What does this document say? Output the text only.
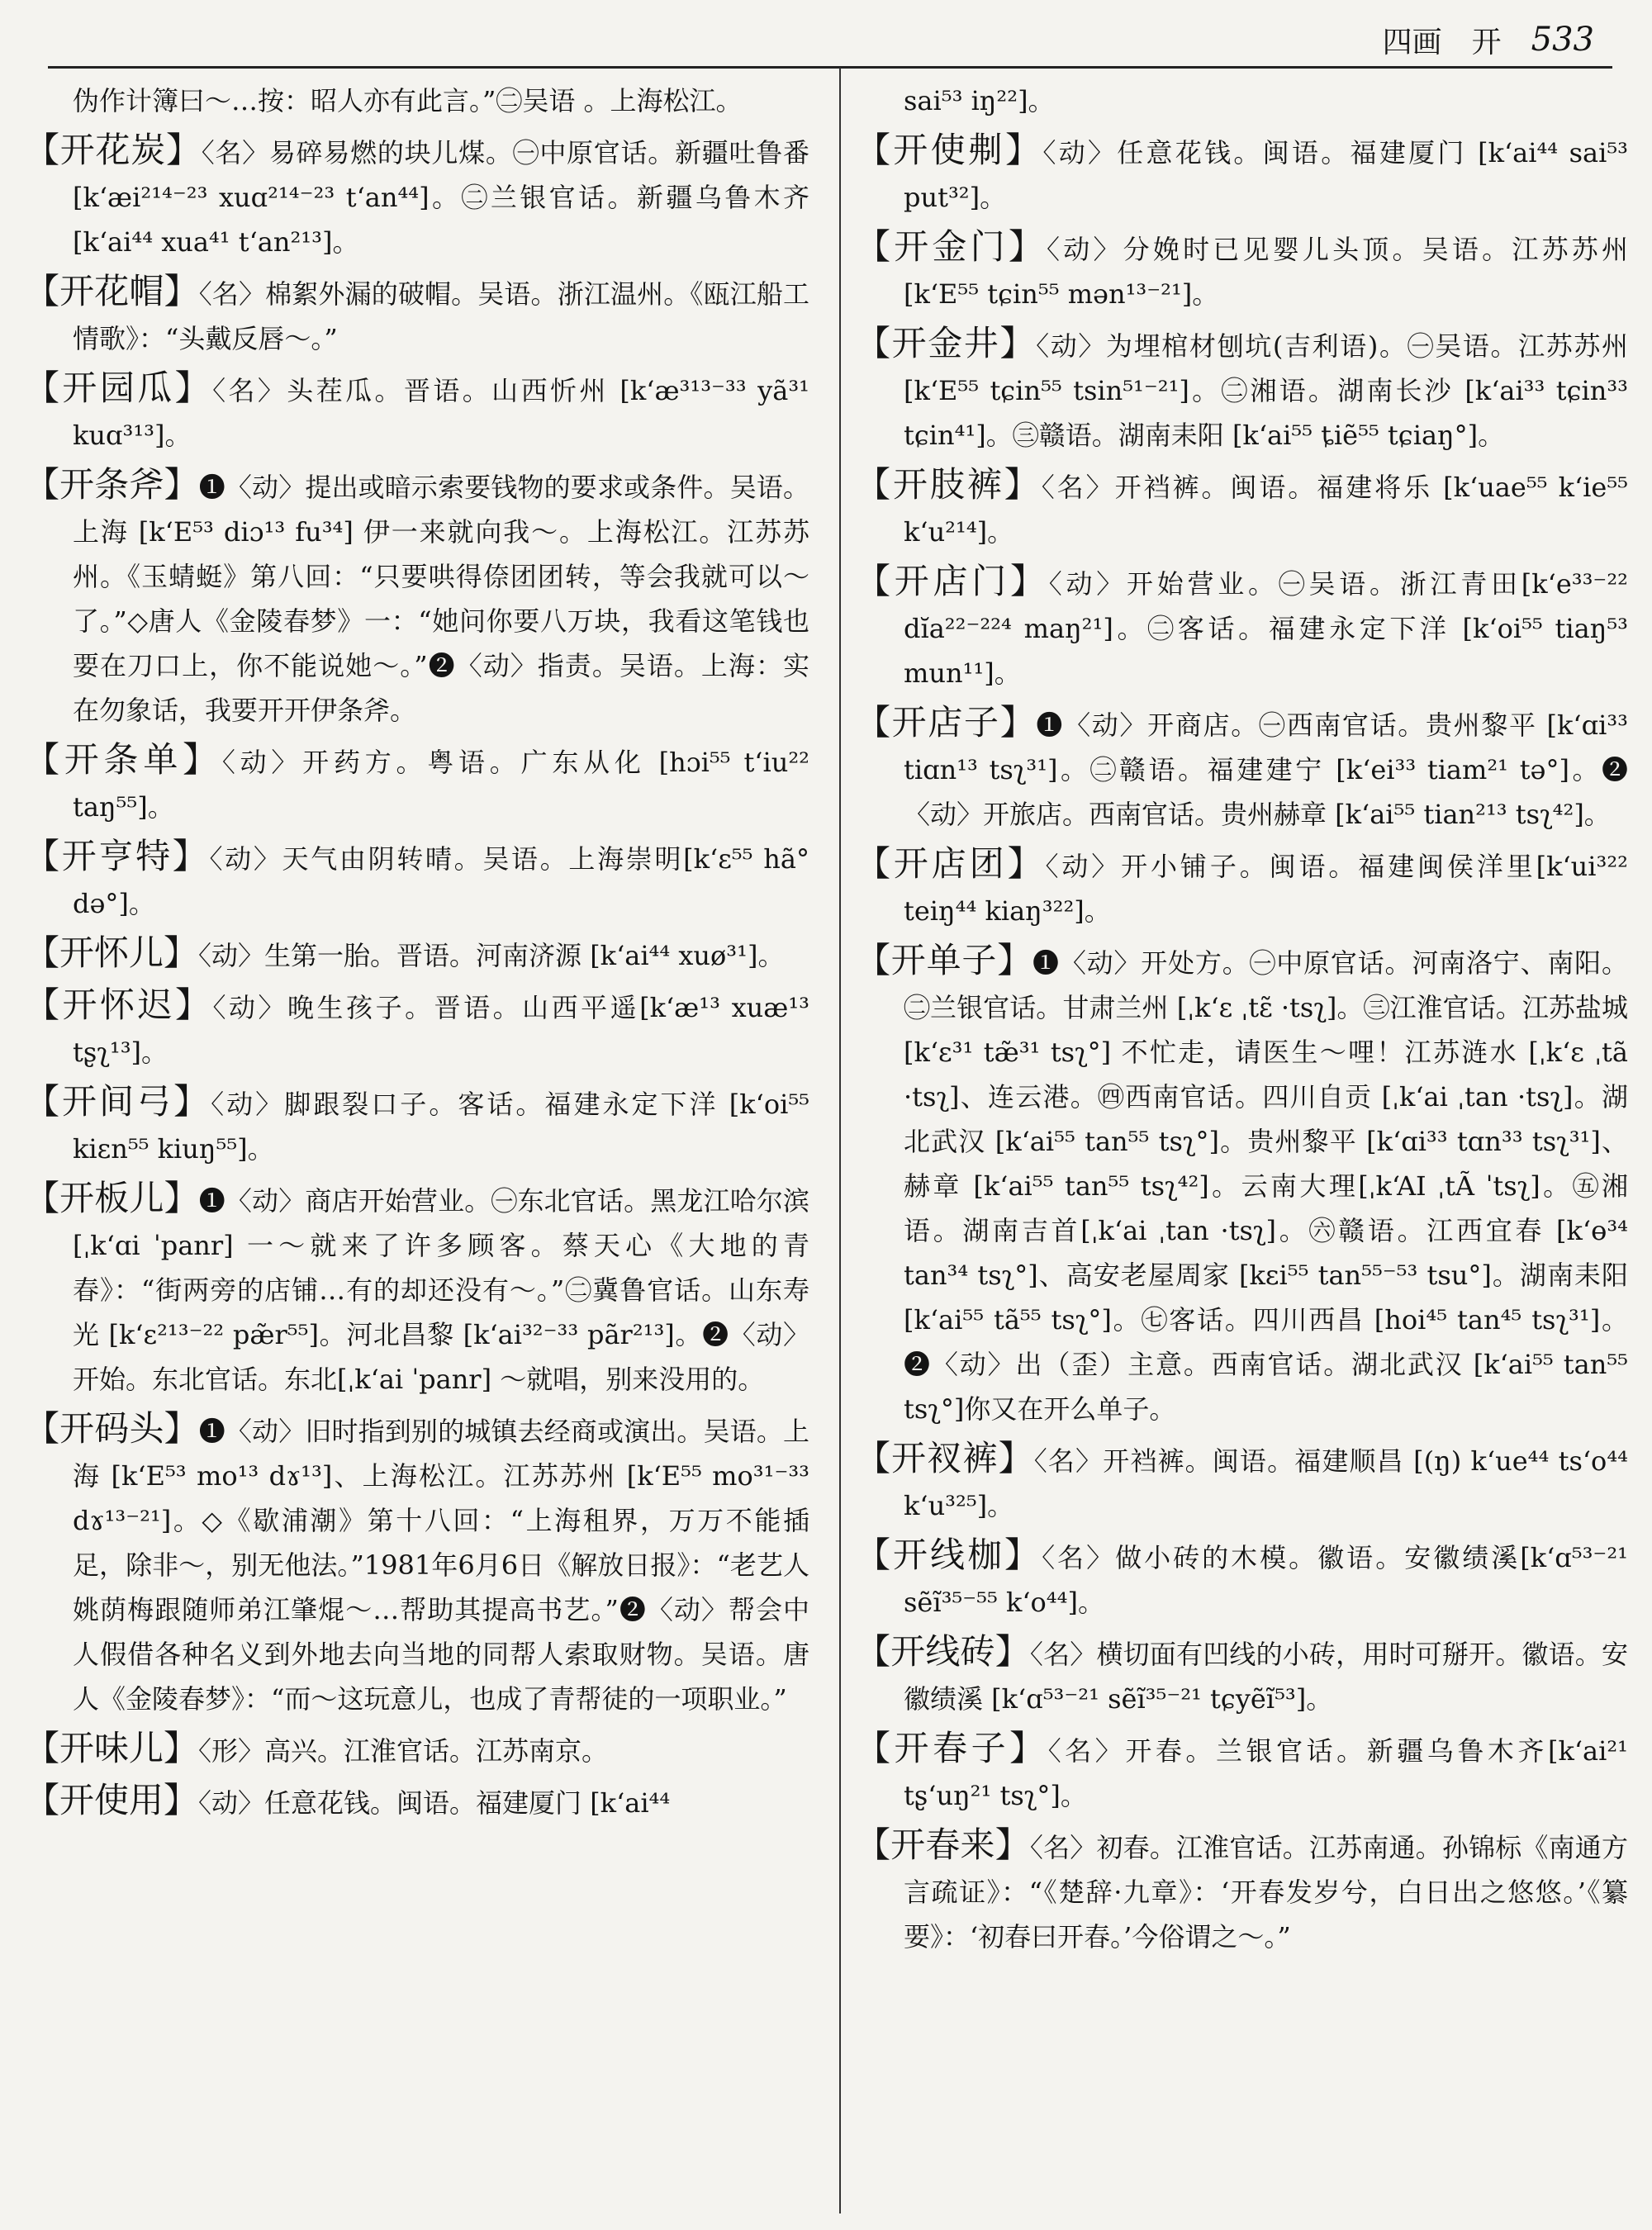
四画 开 533

伪作计簿曰～…按：昭人亦有此言。”㊁吴语 。上海松江。

【开花炭】〈名〉易碎易燃的块儿煤。㊀中原官话。新疆吐鲁番 [kʻæi²¹⁴⁻²³ xuɑ²¹⁴⁻²³ tʻan⁴⁴]。㊁兰银官话。新疆乌鲁木齐 [kʻai⁴⁴ xua⁴¹ tʻan²¹³]。

【开花帽】〈名〉棉絮外漏的破帽。吴语。浙江温州。《瓯江船工情歌》：“头戴反唇～。”

【开园瓜】〈名〉头茬瓜。晋语。山西忻州 [kʻæ³¹³⁻³³ yã³¹ kuɑ³¹³]。

【开条斧】❶〈动〉提出或暗示索要钱物的要求或条件。吴语。上海 [kʻE⁵³ diɔ¹³ fu³⁴] 伊一来就向我～。上海松江。江苏苏州。《玉蜻蜓》第八回：“只要哄得倷团团转，等会我就可以～了。”◇唐人《金陵春梦》一：“她问你要八万块，我看这笔钱也要在刀口上，你不能说她～。”❷〈动〉指责。吴语。上海：实在勿象话，我要开开伊条斧。

【开条单】〈动〉开药方。粤语。广东从化 [hɔi⁵⁵ tʻiu²² taŋ⁵⁵]。

【开亨特】〈动〉天气由阴转晴。吴语。上海崇明[kʻɛ⁵⁵ hã° də°]。

【开怀儿】〈动〉生第一胎。晋语。河南济源 [kʻai⁴⁴ xuø³¹]。

【开怀迟】〈动〉晚生孩子。晋语。山西平遥[kʻæ¹³ xuæ¹³ tʂʅ¹³]。

【开间弓】〈动〉脚跟裂口子。客话。福建永定下洋 [kʻoi⁵⁵ kiɛn⁵⁵ kiuŋ⁵⁵]。

【开板儿】❶〈动〉商店开始营业。㊀东北官话。黑龙江哈尔滨 [ˌkʻɑi ˈpanr] 一～就来了许多顾客。蔡天心《大地的青春》：“街两旁的店铺…有的却还没有～。”㊁冀鲁官话。山东寿光 [kʻɛ²¹³⁻²² pæ̃r⁵⁵]。河北昌黎 [kʻai³²⁻³³ pãr²¹³]。❷〈动〉开始。东北官话。东北[ˌkʻai ˈpanr] ～就唱，别来没用的。

【开码头】❶〈动〉旧时指到别的城镇去经商或演出。吴语。上海 [kʻE⁵³ mo¹³ dɤ¹³]、上海松江。江苏苏州 [kʻE⁵⁵ mo³¹⁻³³ dɤ¹³⁻²¹]。◇《歇浦潮》第十八回：“上海租界，万万不能插足，除非～，别无他法。”1981年6月6日《解放日报》：“老艺人姚荫梅跟随师弟江肇焜～…帮助其提高书艺。”❷〈动〉帮会中人假借各种名义到外地去向当地的同帮人索取财物。吴语。唐人《金陵春梦》：“而～这玩意儿，也成了青帮徒的一项职业。”

【开味儿】〈形〉高兴。江淮官话。江苏南京。

【开使用】〈动〉任意花钱。闽语。福建厦门 [kʻai⁴⁴

sai⁵³ iŋ²²]。

【开使刜】〈动〉任意花钱。闽语。福建厦门 [kʻai⁴⁴ sai⁵³ put³²]。

【开金门】〈动〉分娩时已见婴儿头顶。吴语。江苏苏州 [kʻE⁵⁵ tɕin⁵⁵ mən¹³⁻²¹]。

【开金井】〈动〉为埋棺材刨坑(吉利语)。㊀吴语。江苏苏州 [kʻE⁵⁵ tɕin⁵⁵ tsin⁵¹⁻²¹]。㊁湘语。湖南长沙 [kʻai³³ tɕin³³ tɕin⁴¹]。㊂赣语。湖南耒阳 [kʻai⁵⁵ ȶiẽ⁵⁵ tɕiaŋ°]。

【开肢裤】〈名〉开裆裤。闽语。福建将乐 [kʻuae⁵⁵ kʻie⁵⁵ kʻu²¹⁴]。

【开店门】〈动〉开始营业。㊀吴语。浙江青田[kʻe³³⁻²² dĭa²²⁻²²⁴ maŋ²¹]。㊁客话。福建永定下洋 [kʻoi⁵⁵ tiaŋ⁵³ mun¹¹]。

【开店子】❶〈动〉开商店。㊀西南官话。贵州黎平 [kʻɑi³³ tiɑn¹³ tsʅ³¹]。㊁赣语。福建建宁 [kʻei³³ tiam²¹ tə°]。❷〈动〉开旅店。西南官话。贵州赫章 [kʻai⁵⁵ tian²¹³ tsʅ⁴²]。

【开店团】〈动〉开小铺子。闽语。福建闽侯洋里[kʻui³²² teiŋ⁴⁴ kiaŋ³²²]。

【开单子】❶〈动〉开处方。㊀中原官话。河南洛宁、南阳。㊁兰银官话。甘肃兰州 [ˌkʻɛ ˌtɛ̃ ·tsʅ]。㊂江淮官话。江苏盐城 [kʻɛ³¹ tæ̃³¹ tsʅ°] 不忙走，请医生～哩！江苏涟水 [ˌkʻɛ ˌtã ·tsʅ]、连云港。㊃西南官话。四川自贡 [ˌkʻai ˌtan ·tsʅ]。湖北武汉 [kʻai⁵⁵ tan⁵⁵ tsʅ°]。贵州黎平 [kʻɑi³³ tɑn³³ tsʅ³¹]、赫章 [kʻai⁵⁵ tan⁵⁵ tsʅ⁴²]。云南大理[ˌkʻAI ˌtÃ ˈtsʅ]。㊄湘语。湖南吉首[ˌkʻai ˌtan ·tsʅ]。㊅赣语。江西宜春 [kʻɵ³⁴ tan³⁴ tsʅ°]、高安老屋周家 [kɛi⁵⁵ tan⁵⁵⁻⁵³ tsu°]。湖南耒阳 [kʻai⁵⁵ tã⁵⁵ tsʅ°]。㊆客话。四川西昌 [hoi⁴⁵ tan⁴⁵ tsʅ³¹]。❷〈动〉出（歪）主意。西南官话。湖北武汉 [kʻai⁵⁵ tan⁵⁵ tsʅ°]你又在开么单子。

【开衩裤】〈名〉开裆裤。闽语。福建顺昌 [(ŋ) kʻue⁴⁴ tsʻo⁴⁴ kʻu³²⁵]。

【开线枷】〈名〉做小砖的木模。徽语。安徽绩溪[kʻɑ⁵³⁻²¹ sẽĩ³⁵⁻⁵⁵ kʻo⁴⁴]。

【开线砖】〈名〉横切面有凹线的小砖，用时可掰开。徽语。安徽绩溪 [kʻɑ⁵³⁻²¹ sẽĩ³⁵⁻²¹ tɕyẽĩ⁵³]。

【开春子】〈名〉开春。兰银官话。新疆乌鲁木齐[kʻai²¹ tʂʻuŋ²¹ tsʅ°]。

【开春来】〈名〉初春。江淮官话。江苏南通。孙锦标《南通方言疏证》：“《楚辞·九章》：‘开春发岁兮，白日出之悠悠。’《纂要》：‘初春曰开春。’今俗谓之～。”
